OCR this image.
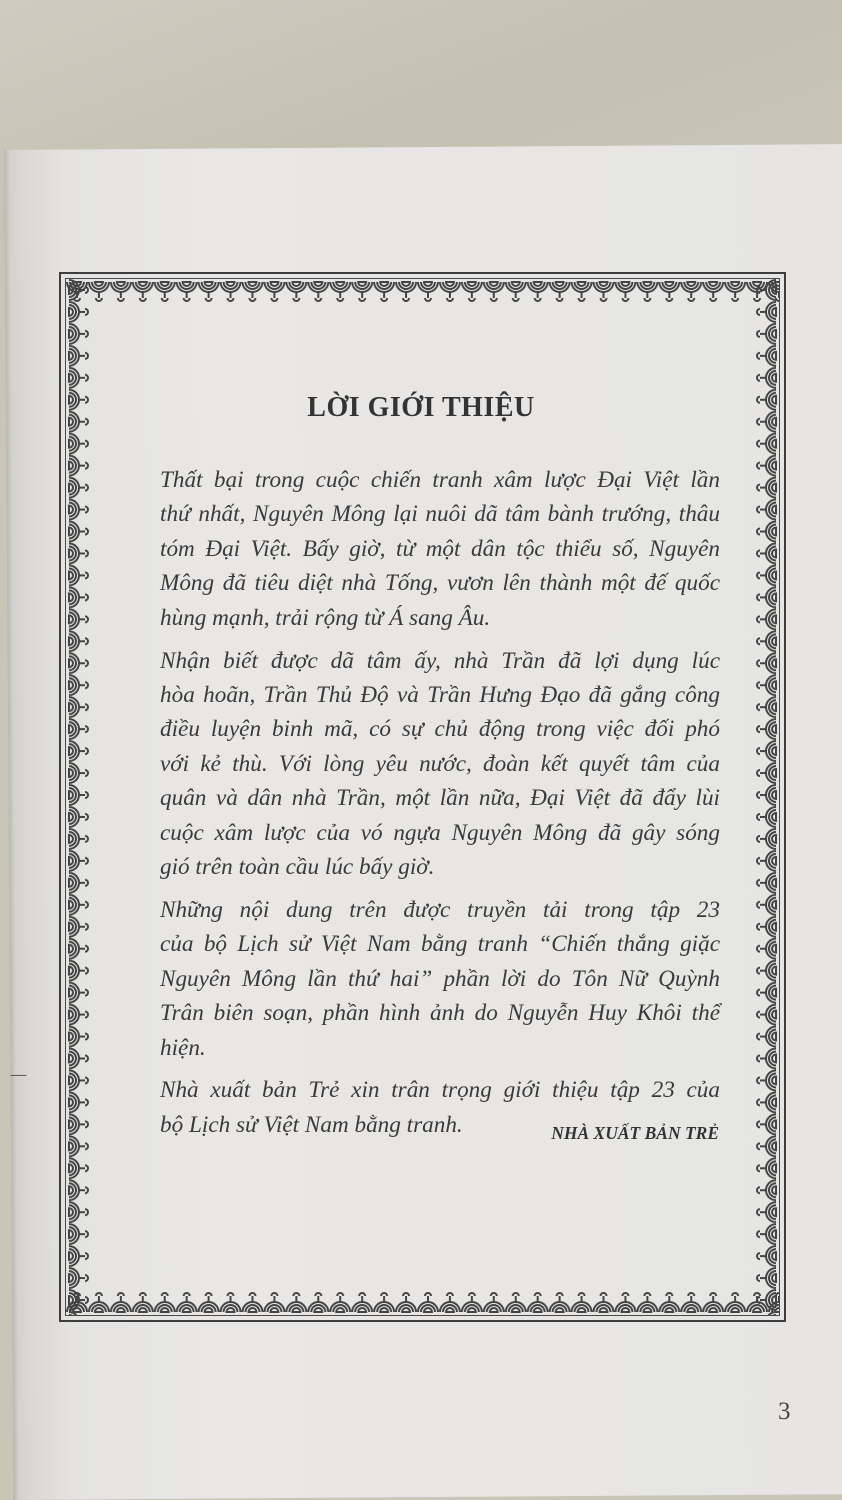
LỜI GIỚI THIỆU

Thất bại trong cuộc chiến tranh xâm lược Đại Việt lần
thứ nhất, Nguyên Mông lại nuôi dã tâm bành trướng, thâu
tóm Đại Việt. Bấy giờ, từ một dân tộc thiểu số, Nguyên
Mông đã tiêu diệt nhà Tống, vươn lên thành một đế quốc
hùng mạnh, trải rộng từ Á sang Âu.

Nhận biết được dã tâm ấy, nhà Trần đã lợi dụng lúc
hòa hoãn, Trần Thủ Độ và Trần Hưng Đạo đã gắng công
điều luyện binh mã, có sự chủ động trong việc đối phó
với kẻ thù. Với lòng yêu nước, đoàn kết quyết tâm của
quân và dân nhà Trần, một lần nữa, Đại Việt đã đẩy lùi
cuộc xâm lược của vó ngựa Nguyên Mông đã gây sóng
gió trên toàn cầu lúc bấy giờ.

Những nội dung trên được truyền tải trong tập 23
của bộ Lịch sử Việt Nam bằng tranh “Chiến thắng giặc
Nguyên Mông lần thứ hai” phần lời do Tôn Nữ Quỳnh
Trân biên soạn, phần hình ảnh do Nguyễn Huy Khôi thể
hiện.

Nhà xuất bản Trẻ xin trân trọng giới thiệu tập 23 của
bộ Lịch sử Việt Nam bằng tranh.	NHÀ XUẤT BẢN TRẺ
3
